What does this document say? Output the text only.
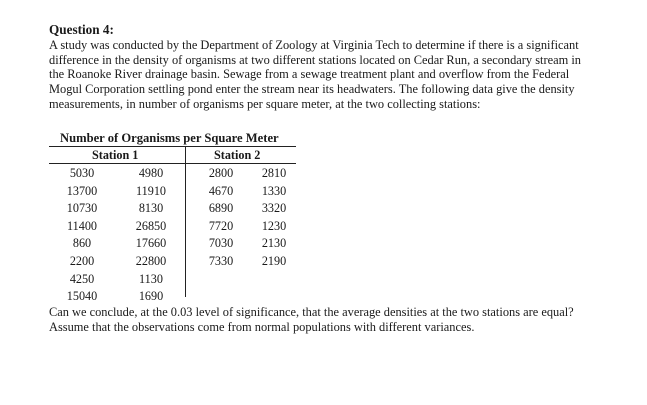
Question 4:
A study was conducted by the Department of Zoology at Virginia Tech to determine if there is a significant
difference in the density of organisms at two different stations located on Cedar Run, a secondary stream in
the Roanoke River drainage basin. Sewage from a sewage treatment plant and overflow from the Federal
Mogul Corporation settling pond enter the stream near its headwaters. The following data give the density
measurements, in number of organisms per square meter, at the two collecting stations:
Number of Organisms per Square Meter
Station 1	Station 2
5030
13700
10730
11400
860
2200
4250
15040
4980
11910
8130
26850
17660
22800
1130
1690
2800
4670
6890
7720
7030
7330
2810
1330
3320
1230
2130
2190
Can we conclude, at the 0.03 level of significance, that the average densities at the two stations are equal?
Assume that the observations come from normal populations with different variances.
